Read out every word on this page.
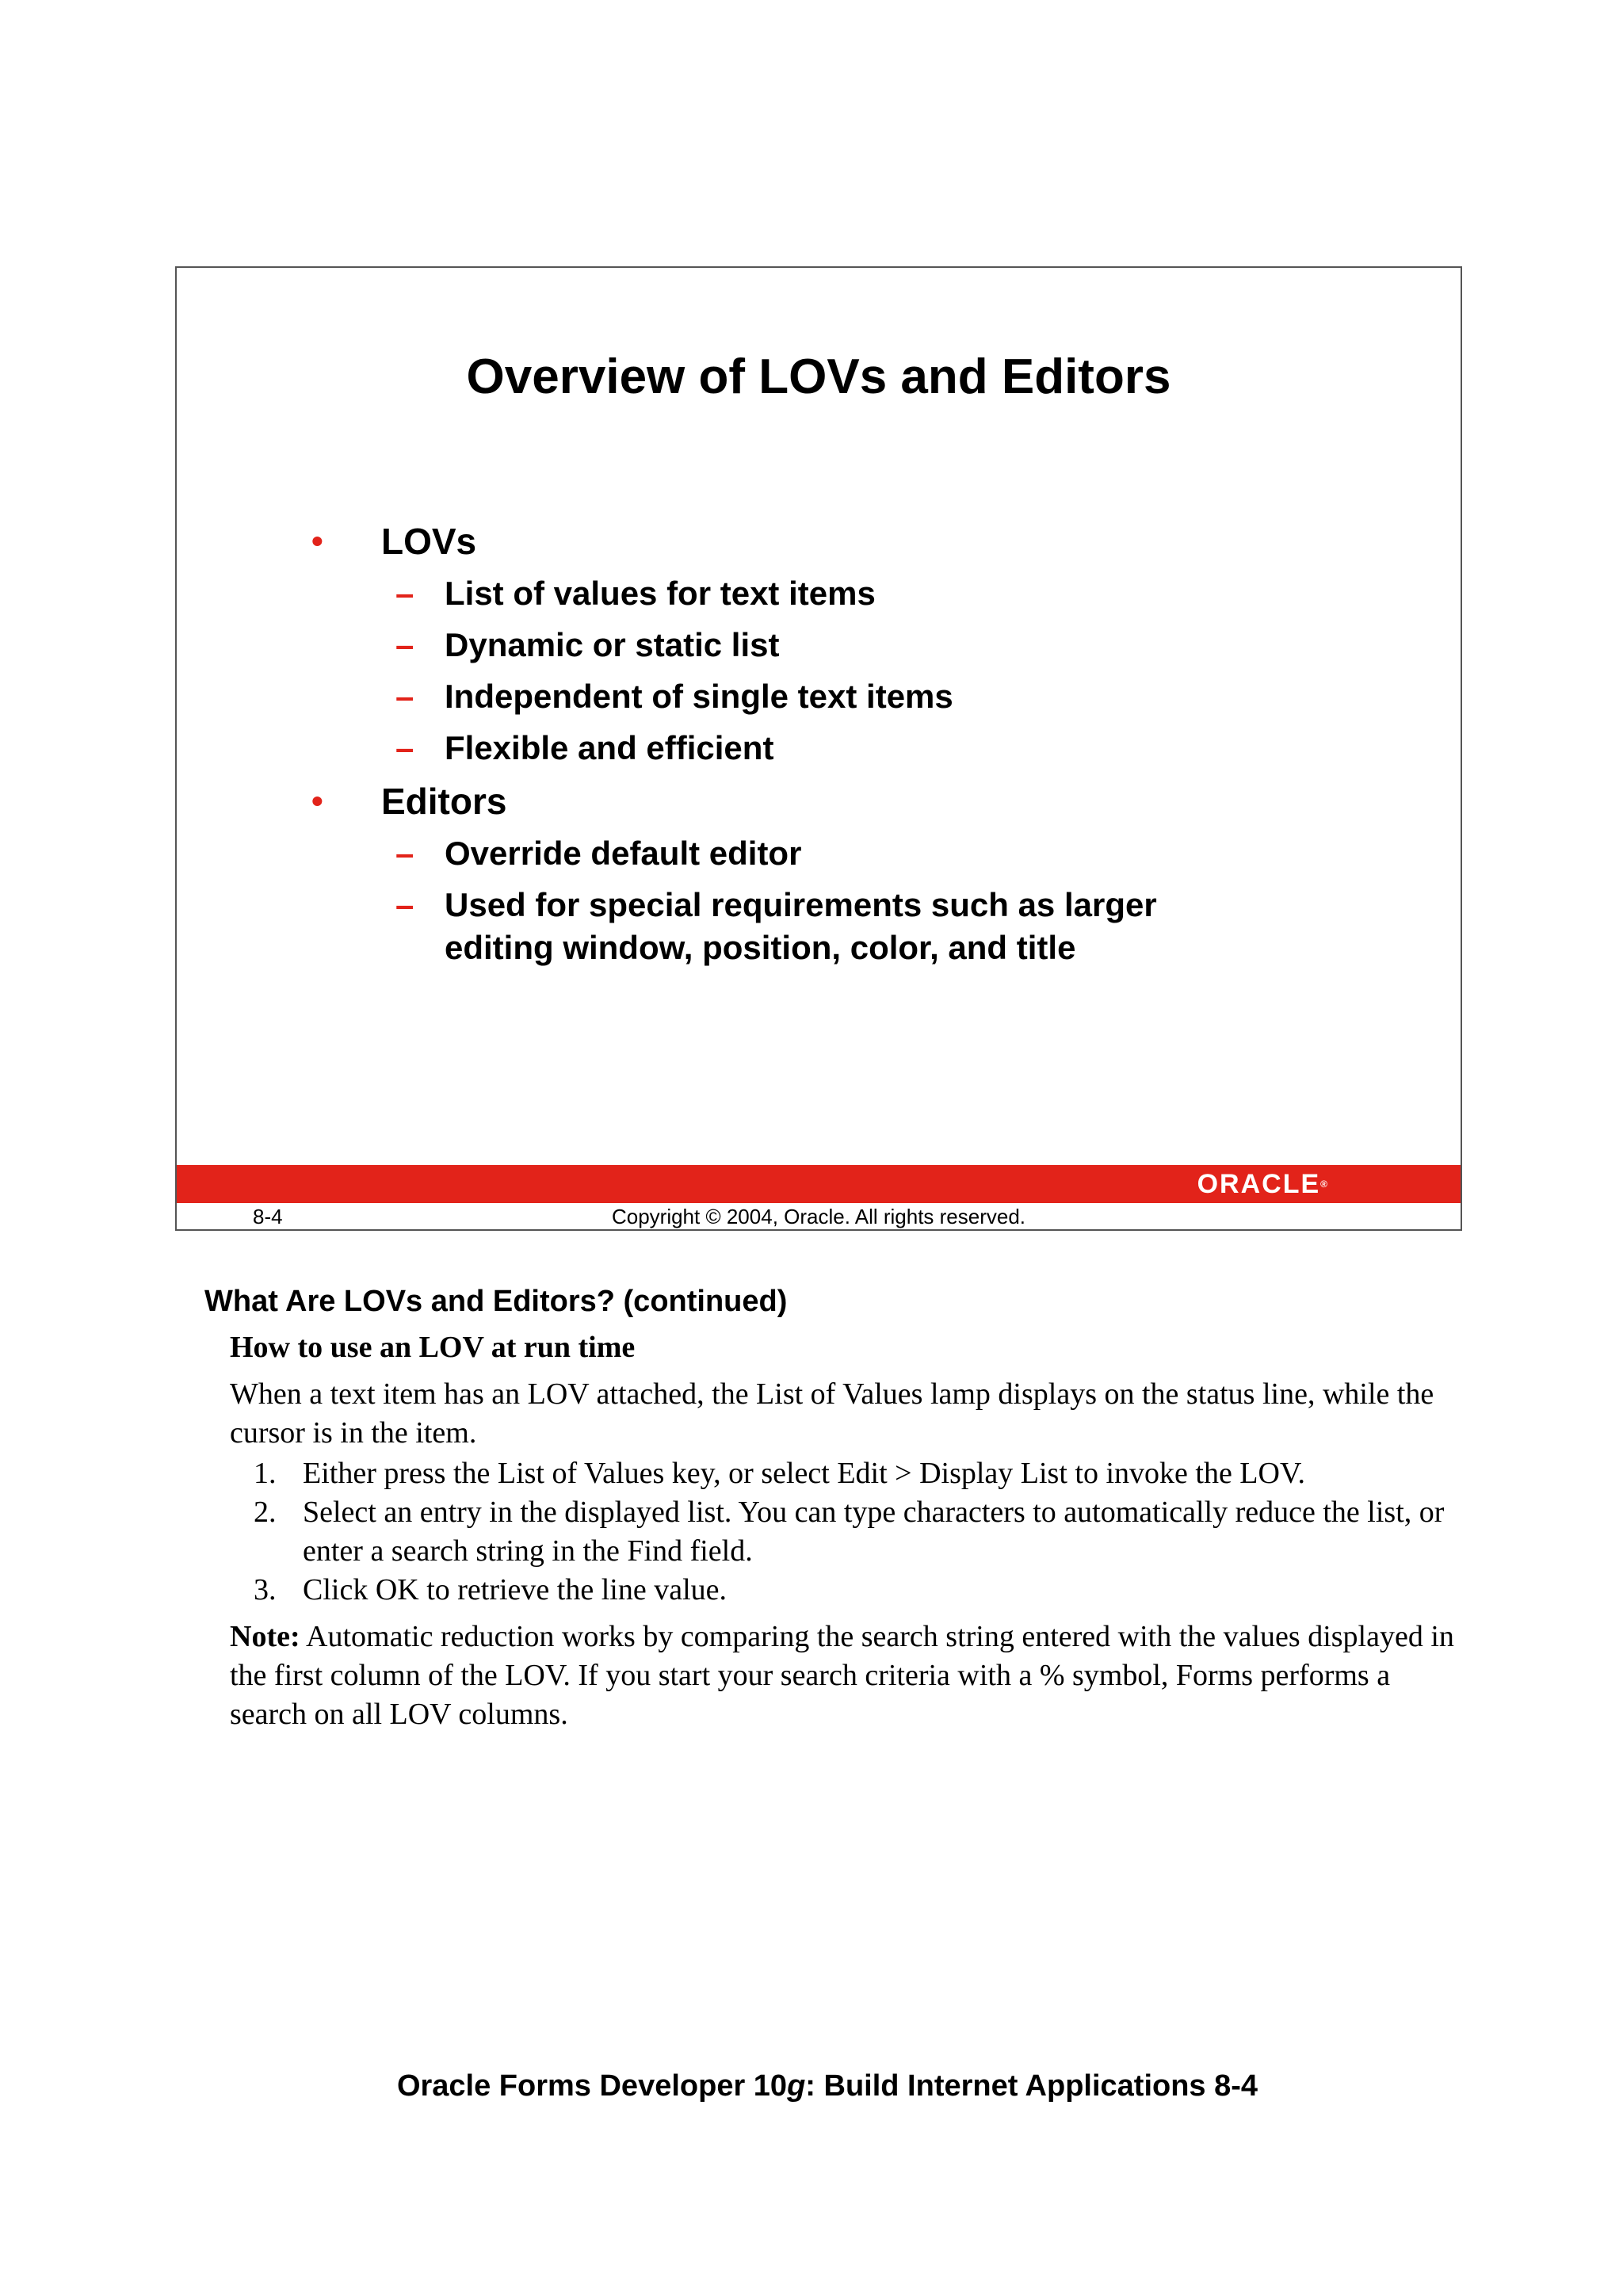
Overview of LOVs and Editors
• LOVs
– List of values for text items
– Dynamic or static list
– Independent of single text items
– Flexible and efficient
• Editors
– Override default editor
– Used for special requirements such as larger editing window, position, color, and title
ORACLE®
8-4	Copyright © 2004, Oracle. All rights reserved.
What Are LOVs and Editors? (continued)

How to use an LOV at run time

When a text item has an LOV attached, the List of Values lamp displays on the status line, while the cursor is in the item.

1. Either press the List of Values key, or select Edit > Display List to invoke the LOV.
2. Select an entry in the displayed list. You can type characters to automatically reduce the list, or enter a search string in the Find field.
3. Click OK to retrieve the line value.

Note: Automatic reduction works by comparing the search string entered with the values displayed in the first column of the LOV. If you start your search criteria with a % symbol, Forms performs a search on all LOV columns.

Oracle Forms Developer 10g: Build Internet Applications 8-4
